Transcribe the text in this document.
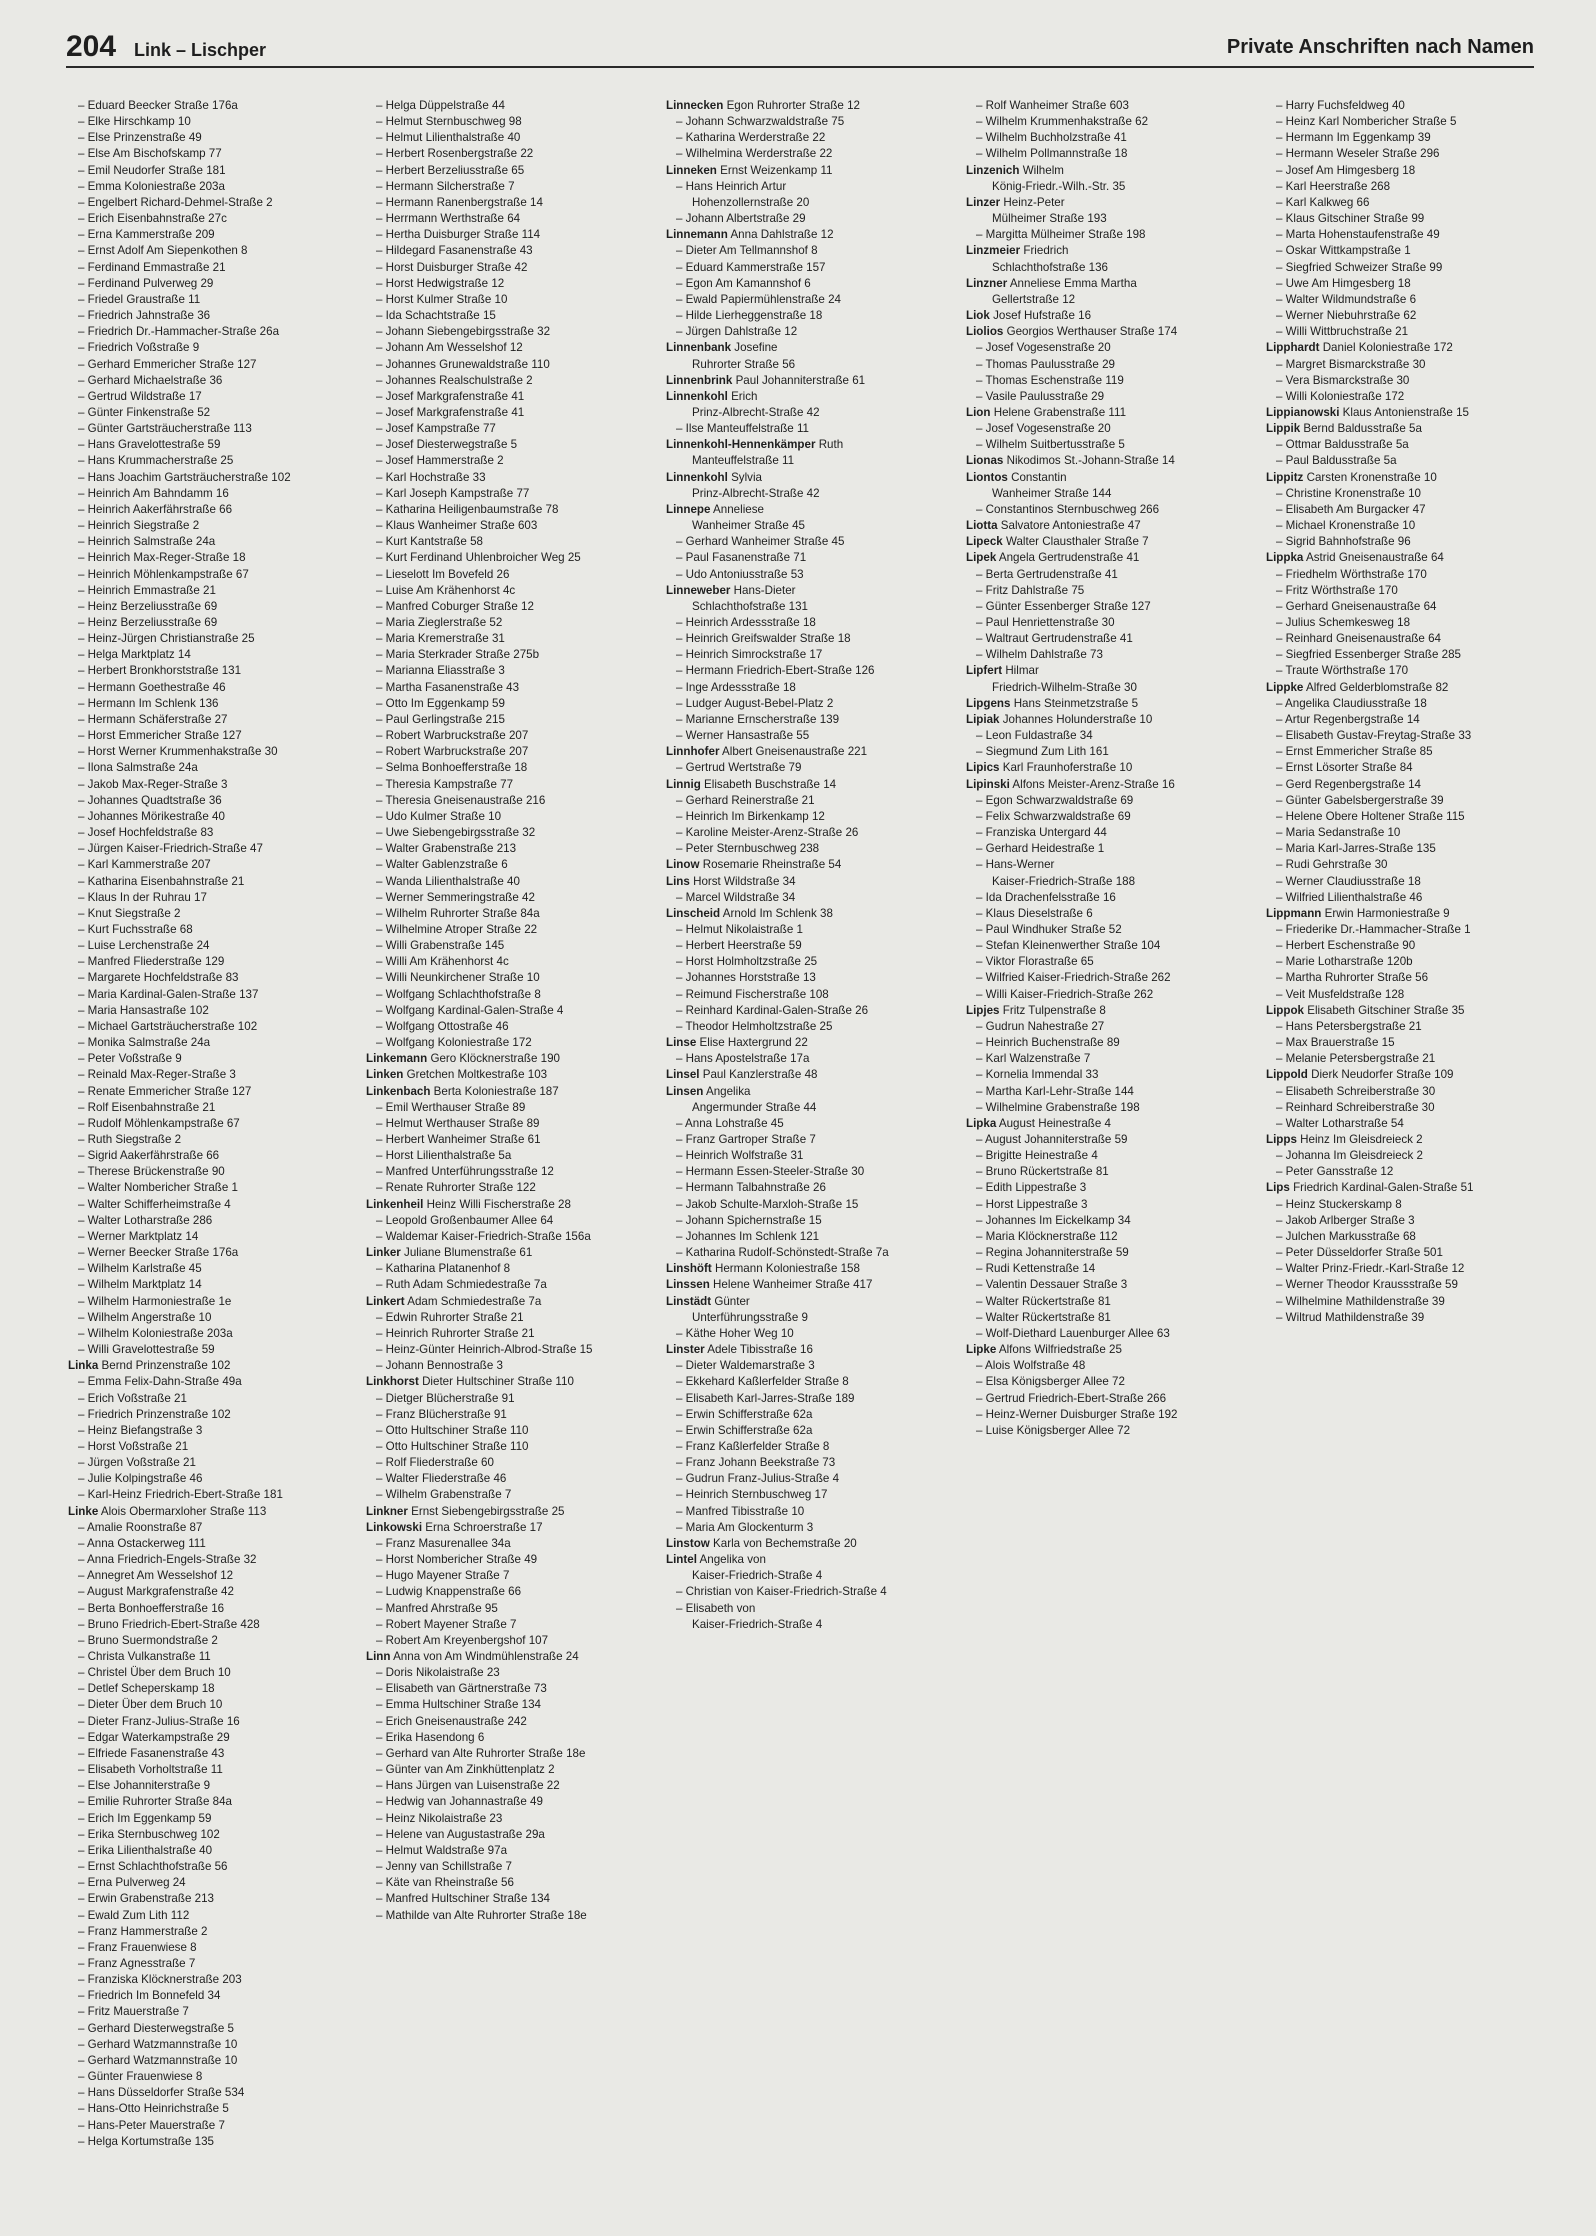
204 Link – Lischper	Private Anschriften nach Namen
– Eduard Beecker Straße 176a
– Elke Hirschkamp 10
– Else Prinzenstraße 49
– Else Am Bischofskamp 77
– Emil Neudorfer Straße 181
– Emma Koloniestraße 203a
– Engelbert Richard-Dehmel-Straße 2
– Erich Eisenbahnstraße 27c
– Erna Kammerstraße 209
– Ernst Adolf Am Siepenkothen 8
– Ferdinand Emmastraße 21
– Ferdinand Pulverweg 29
– Friedel Graustraße 11
– Friedrich Jahnstraße 36
– Friedrich Dr.-Hammacher-Straße 26a
– Friedrich Voßstraße 9
– Gerhard Emmericher Straße 127
– Gerhard Michaelstraße 36
– Gertrud Wildstraße 17
– Günter Finkenstraße 52
– Günter Gartsträucherstraße 113
– Hans Gravelottestraße 59
– Hans Krummacherstraße 25
– Hans Joachim Gartsträucherstraße 102
– Heinrich Am Bahndamm 16
– Heinrich Aakerfährstraße 66
– Heinrich Siegstraße 2
– Heinrich Salmstraße 24a
– Heinrich Max-Reger-Straße 18
– Heinrich Möhlenkampstraße 67
– Heinrich Emmastraße 21
– Heinz Berzeliusstraße 69
– Heinz Berzeliusstraße 69
– Heinz-Jürgen Christianstraße 25
– Helga Marktplatz 14
– Herbert Bronkhorststraße 131
– Hermann Goethestraße 46
– Hermann Im Schlenk 136
– Hermann Schäferstraße 27
– Horst Emmericher Straße 127
– Horst Werner Krummenhakstraße 30
– Ilona Salmstraße 24a
– Jakob Max-Reger-Straße 3
– Johannes Quadtstraße 36
– Johannes Mörikestraße 40
– Josef Hochfeldstraße 83
– Jürgen Kaiser-Friedrich-Straße 47
– Karl Kammerstraße 207
– Katharina Eisenbahnstraße 21
– Klaus In der Ruhrau 17
– Knut Siegstraße 2
– Kurt Fuchsstraße 68
– Luise Lerchenstraße 24
– Manfred Fliederstraße 129
– Margarete Hochfeldstraße 83
– Maria Kardinal-Galen-Straße 137
– Maria Hansastraße 102
– Michael Gartsträucherstraße 102
– Monika Salmstraße 24a
– Peter Voßstraße 9
– Reinald Max-Reger-Straße 3
– Renate Emmericher Straße 127
– Rolf Eisenbahnstraße 21
– Rudolf Möhlenkampstraße 67
– Ruth Siegstraße 2
– Sigrid Aakerfährstraße 66
– Therese Brückenstraße 90
– Walter Nombericher Straße 1
– Walter Schifferheimstraße 4
– Walter Lotharstraße 286
– Werner Marktplatz 14
– Werner Beecker Straße 176a
– Wilhelm Karlstraße 45
– Wilhelm Marktplatz 14
– Wilhelm Harmoniestraße 1e
– Wilhelm Angerstraße 10
– Wilhelm Koloniestraße 203a
– Willi Gravelottestraße 59
Linka Bernd Prinzenstraße 102
– Emma Felix-Dahn-Straße 49a
– Erich Voßstraße 21
– Friedrich Prinzenstraße 102
– Heinz Biefangstraße 3
– Horst Voßstraße 21
– Jürgen Voßstraße 21
– Julie Kolpingstraße 46
– Karl-Heinz Friedrich-Ebert-Straße 181
Linke Alois Obermarxloher Straße 113
– Amalie Roonstraße 87
– Anna Ostackerweg 111
– Anna Friedrich-Engels-Straße 32
– Annegret Am Wesselshof 12
– August Markgrafenstraße 42
– Berta Bonhoefferstraße 16
– Bruno Friedrich-Ebert-Straße 428
– Bruno Suermondstraße 2
– Christa Vulkanstraße 11
– Christel Über dem Bruch 10
– Detlef Scheperskamp 18
– Dieter Über dem Bruch 10
– Dieter Franz-Julius-Straße 16
– Edgar Waterkampstraße 29
– Elfriede Fasanenstraße 43
– Elisabeth Vorholtstraße 11
– Else Johanniterstraße 9
– Emilie Ruhrorter Straße 84a
– Erich Im Eggenkamp 59
– Erika Sternbuschweg 102
– Erika Lilienthalstraße 40
– Ernst Schlachthofstraße 56
– Erna Pulverweg 24
– Erwin Grabenstraße 213
– Ewald Zum Lith 112
– Franz Hammerstraße 2
– Franz Frauenwiese 8
– Franz Agnesstraße 7
– Franziska Klöcknerstraße 203
– Friedrich Im Bonnefeld 34
– Fritz Mauerstraße 7
– Gerhard Diesterwegstraße 5
– Gerhard Watzmannstraße 10
– Gerhard Watzmannstraße 10
– Günter Frauenwiese 8
– Hans Düsseldorfer Straße 534
– Hans-Otto Heinrichstraße 5
– Hans-Peter Mauerstraße 7
– Helga Kortumstraße 135
– Helga Düppelstraße 44
– Helmut Sternbuschweg 98
– Helmut Lilienthalstraße 40
– Herbert Rosenbergstraße 22
– Herbert Berzeliusstraße 65
– Hermann Silcherstraße 7
– Hermann Ranenbergstraße 14
– Herrmann Werthstraße 64
– Hertha Duisburger Straße 114
– Hildegard Fasanenstraße 43
– Horst Duisburger Straße 42
– Horst Hedwigstraße 12
– Horst Kulmer Straße 10
– Ida Schachtstraße 15
– Johann Siebengebirgsstraße 32
– Johann Am Wesselshof 12
– Johannes Grunewaldstraße 110
– Johannes Realschulstraße 2
– Josef Markgrafenstraße 41
– Josef Markgrafenstraße 41
– Josef Kampstraße 77
– Josef Diesterwegstraße 5
– Josef Hammerstraße 2
– Karl Hochstraße 33
– Karl Joseph Kampstraße 77
– Katharina Heiligenbaumstraße 78
– Klaus Wanheimer Straße 603
– Kurt Kantstraße 58
– Kurt Ferdinand Uhlenbroicher Weg 25
– Lieselott Im Bovefeld 26
– Luise Am Krähenhorst 4c
– Manfred Coburger Straße 12
– Maria Zieglerstraße 52
– Maria Kremerstraße 31
– Maria Sterkrader Straße 275b
– Marianna Eliasstraße 3
– Martha Fasanenstraße 43
– Otto Im Eggenkamp 59
– Paul Gerlingstraße 215
– Robert Warbruckstraße 207
– Robert Warbruckstraße 207
– Selma Bonhoefferstraße 18
– Theresia Kampstraße 77
– Theresia Gneisenaustraße 216
– Udo Kulmer Straße 10
– Uwe Siebengebirgsstraße 32
– Walter Grabenstraße 213
– Walter Gablenzstraße 6
– Wanda Lilienthalstraße 40
– Werner Semmeringstraße 42
– Wilhelm Ruhrorter Straße 84a
– Wilhelmine Atroper Straße 22
– Willi Grabenstraße 145
– Willi Am Krähenhorst 4c
– Willi Neunkirchener Straße 10
– Wolfgang Schlachthofstraße 8
– Wolfgang Kardinal-Galen-Straße 4
– Wolfgang Ottostraße 46
– Wolfgang Koloniestraße 172
Linkemann Gero Klöcknerstraße 190
Linken Gretchen Moltkestraße 103
Linkenbach Berta Koloniestraße 187
– Emil Werthauser Straße 89
– Helmut Werthauser Straße 89
– Herbert Wanheimer Straße 61
– Horst Lilienthalstraße 5a
– Manfred Unterführungsstraße 12
– Renate Ruhrorter Straße 122
Linkenheil Heinz Willi Fischerstraße 28
– Leopold Großenbaumer Allee 64
– Waldemar Kaiser-Friedrich-Straße 156a
Linker Juliane Blumenstraße 61
– Katharina Platanenhof 8
– Ruth Adam Schmiedestraße 7a
Linkert Adam Schmiedestraße 7a
– Edwin Ruhrorter Straße 21
– Heinrich Ruhrorter Straße 21
– Heinz-Günter Heinrich-Albrod-Straße 15
– Johann Bennostraße 3
Linkhorst Dieter Hultschiner Straße 110
– Dietger Blücherstraße 91
– Franz Blücherstraße 91
– Otto Hultschiner Straße 110
– Otto Hultschiner Straße 110
– Rolf Fliederstraße 60
– Walter Fliederstraße 46
– Wilhelm Grabenstraße 7
Linkner Ernst Siebengebirgsstraße 25
Linkowski Erna Schroerstraße 17
– Franz Masurenallee 34a
– Horst Nombericher Straße 49
– Hugo Mayener Straße 7
– Ludwig Knappenstraße 66
– Manfred Ahrstraße 95
– Robert Mayener Straße 7
– Robert Am Kreyenbergshof 107
Linn Anna von Am Windmühlenstraße 24
– Doris Nikolaistraße 23
– Elisabeth van Gärtnerstraße 73
– Emma Hultschiner Straße 134
– Erich Gneisenaustraße 242
– Erika Hasendong 6
– Gerhard van Alte Ruhrorter Straße 18e
– Günter van Am Zinkhüttenplatz 2
– Hans Jürgen van Luisenstraße 22
– Hedwig van Johannastraße 49
– Heinz Nikolaistraße 23
– Helene van Augustastraße 29a
– Helmut Waldstraße 97a
– Jenny van Schillstraße 7
– Käte van Rheinstraße 56
– Manfred Hultschiner Straße 134
– Mathilde van Alte Ruhrorter Straße 18e
Linnecken Egon Ruhrorter Straße 12
– Johann Schwarzwaldstraße 75
– Katharina Werderstraße 22
– Wilhelmina Werderstraße 22
Linneken Ernst Weizenkamp 11
– Hans Heinrich Artur
Hohenzollernstraße 20
– Johann Albertstraße 29
Linnemann Anna Dahlstraße 12
– Dieter Am Tellmannshof 8
– Eduard Kammerstraße 157
– Egon Am Kamannshof 6
– Ewald Papiermühlenstraße 24
– Hilde Lierheggenstraße 18
– Jürgen Dahlstraße 12
Linnenbank Josefine
Ruhrorter Straße 56
Linnenbrink Paul Johanniterstraße 61
Linnenkohl Erich
Prinz-Albrecht-Straße 42
– Ilse Manteuffelstraße 11
Linnenkohl-Hennenkämper Ruth
Manteuffelstraße 11
Linnenkohl Sylvia
Prinz-Albrecht-Straße 42
Linnepe Anneliese
Wanheimer Straße 45
– Gerhard Wanheimer Straße 45
– Paul Fasanenstraße 71
– Udo Antoniusstraße 53
Linneweber Hans-Dieter
Schlachthofstraße 131
– Heinrich Ardessstraße 18
– Heinrich Greifswalder Straße 18
– Heinrich Simrockstraße 17
– Hermann Friedrich-Ebert-Straße 126
– Inge Ardessstraße 18
– Ludger August-Bebel-Platz 2
– Marianne Ernscherstraße 139
– Werner Hansastraße 55
Linnhofer Albert Gneisenaustraße 221
– Gertrud Wertstraße 79
Linnig Elisabeth Buschstraße 14
– Gerhard Reinerstraße 21
– Heinrich Im Birkenkamp 12
– Karoline Meister-Arenz-Straße 26
– Peter Sternbuschweg 238
Linow Rosemarie Rheinstraße 54
Lins Horst Wildstraße 34
– Marcel Wildstraße 34
Linscheid Arnold Im Schlenk 38
– Helmut Nikolaistraße 1
– Herbert Heerstraße 59
– Horst Holmholtzstraße 25
– Johannes Horststraße 13
– Reimund Fischerstraße 108
– Reinhard Kardinal-Galen-Straße 26
– Theodor Helmholtzstraße 25
Linse Elise Haxtergrund 22
– Hans Apostelstraße 17a
Linsel Paul Kanzlerstraße 48
Linsen Angelika
Angermunder Straße 44
– Anna Lohstraße 45
– Franz Gartroper Straße 7
– Heinrich Wolfstraße 31
– Hermann Essen-Steeler-Straße 30
– Hermann Talbahnstraße 26
– Jakob Schulte-Marxloh-Straße 15
– Johann Spichernstraße 15
– Johannes Im Schlenk 121
– Katharina Rudolf-Schönstedt-Straße 7a
Linshöft Hermann Koloniestraße 158
Linssen Helene Wanheimer Straße 417
Linstädt Günter
Unterführungsstraße 9
– Käthe Hoher Weg 10
Linster Adele Tibisstraße 16
– Dieter Waldemarstraße 3
– Ekkehard Kaßlerfelder Straße 8
– Elisabeth Karl-Jarres-Straße 189
– Erwin Schifferstraße 62a
– Erwin Schifferstraße 62a
– Franz Kaßlerfelder Straße 8
– Franz Johann Beekstraße 73
– Gudrun Franz-Julius-Straße 4
– Heinrich Sternbuschweg 17
– Manfred Tibisstraße 10
– Maria Am Glockenturm 3
Linstow Karla von Bechemstraße 20
Lintel Angelika von
Kaiser-Friedrich-Straße 4
– Christian von Kaiser-Friedrich-Straße 4
– Elisabeth von
Kaiser-Friedrich-Straße 4
– Rolf Wanheimer Straße 603
– Wilhelm Krummenhakstraße 62
– Wilhelm Buchholzstraße 41
– Wilhelm Pollmannstraße 18
Linzenich Wilhelm
König-Friedr.-Wilh.-Str. 35
Linzer Heinz-Peter
Mülheimer Straße 193
– Margitta Mülheimer Straße 198
Linzmeier Friedrich
Schlachthofstraße 136
Linzner Anneliese Emma Martha
Gellertstraße 12
Liok Josef Hufstraße 16
Liolios Georgios Werthauser Straße 174
– Josef Vogesenstraße 20
– Thomas Paulusstraße 29
– Thomas Eschenstraße 119
– Vasile Paulusstraße 29
Lion Helene Grabenstraße 111
– Josef Vogesenstraße 20
– Wilhelm Suitbertusstraße 5
Lionas Nikodimos St.-Johann-Straße 14
Liontos Constantin
Wanheimer Straße 144
– Constantinos Sternbuschweg 266
Liotta Salvatore Antoniestraße 47
Lipeck Walter Clausthaler Straße 7
Lipek Angela Gertrudenstraße 41
– Berta Gertrudenstraße 41
– Fritz Dahlstraße 75
– Günter Essenberger Straße 127
– Paul Henriettenstraße 30
– Waltraut Gertrudenstraße 41
– Wilhelm Dahlstraße 73
Lipfert Hilmar
Friedrich-Wilhelm-Straße 30
Lipgens Hans Steinmetzstraße 5
Lipiak Johannes Holunderstraße 10
– Leon Fuldastraße 34
– Siegmund Zum Lith 161
Lipics Karl Fraunhoferstraße 10
Lipinski Alfons Meister-Arenz-Straße 16
– Egon Schwarzwaldstraße 69
– Felix Schwarzwaldstraße 69
– Franziska Untergard 44
– Gerhard Heidestraße 1
– Hans-Werner
Kaiser-Friedrich-Straße 188
– Ida Drachenfelsstraße 16
– Klaus Dieselstraße 6
– Paul Windhuker Straße 52
– Stefan Kleinenwerther Straße 104
– Viktor Florastraße 65
– Wilfried Kaiser-Friedrich-Straße 262
– Willi Kaiser-Friedrich-Straße 262
Lipjes Fritz Tulpenstraße 8
– Gudrun Nahestraße 27
– Heinrich Buchenstraße 89
– Karl Walzenstraße 7
– Kornelia Immendal 33
– Martha Karl-Lehr-Straße 144
– Wilhelmine Grabenstraße 198
Lipka August Heinestraße 4
– August Johanniterstraße 59
– Brigitte Heinestraße 4
– Bruno Rückertstraße 81
– Edith Lippestraße 3
– Horst Lippestraße 3
– Johannes Im Eickelkamp 34
– Maria Klöcknerstraße 112
– Regina Johanniterstraße 59
– Rudi Kettenstraße 14
– Valentin Dessauer Straße 3
– Walter Rückertstraße 81
– Walter Rückertstraße 81
– Wolf-Diethard Lauenburger Allee 63
Lipke Alfons Wilfriedstraße 25
– Alois Wolfstraße 48
– Elsa Königsberger Allee 72
– Gertrud Friedrich-Ebert-Straße 266
– Heinz-Werner Duisburger Straße 192
– Luise Königsberger Allee 72
– Harry Fuchsfeldweg 40
– Heinz Karl Nombericher Straße 5
– Hermann Im Eggenkamp 39
– Hermann Weseler Straße 296
– Josef Am Himgesberg 18
– Karl Heerstraße 268
– Karl Kalkweg 66
– Klaus Gitschiner Straße 99
– Marta Hohenstaufenstraße 49
– Oskar Wittkampstraße 1
– Siegfried Schweizer Straße 99
– Uwe Am Himgesberg 18
– Walter Wildmundstraße 6
– Werner Niebuhrstraße 62
– Willi Wittbruchstraße 21
Lipphardt Daniel Koloniestraße 172
– Margret Bismarckstraße 30
– Vera Bismarckstraße 30
– Willi Koloniestraße 172
Lippianowski Klaus Antonienstraße 15
Lippik Bernd Baldusstraße 5a
– Ottmar Baldusstraße 5a
– Paul Baldusstraße 5a
Lippitz Carsten Kronenstraße 10
– Christine Kronenstraße 10
– Elisabeth Am Burgacker 47
– Michael Kronenstraße 10
– Sigrid Bahnhofstraße 96
Lippka Astrid Gneisenaustraße 64
– Friedhelm Wörthstraße 170
– Fritz Wörthstraße 170
– Gerhard Gneisenaustraße 64
– Julius Schemkesweg 18
– Reinhard Gneisenaustraße 64
– Siegfried Essenberger Straße 285
– Traute Wörthstraße 170
Lippke Alfred Gelderblomstraße 82
– Angelika Claudiusstraße 18
– Artur Regenbergstraße 14
– Elisabeth Gustav-Freytag-Straße 33
– Ernst Emmericher Straße 85
– Ernst Lösorter Straße 84
– Gerd Regenbergstraße 14
– Günter Gabelsbergerstraße 39
– Helene Obere Holtener Straße 115
– Maria Sedanstraße 10
– Maria Karl-Jarres-Straße 135
– Rudi Gehrstraße 30
– Werner Claudiusstraße 18
– Wilfried Lilienthalstraße 46
Lippmann Erwin Harmoniestraße 9
– Friederike Dr.-Hammacher-Straße 1
– Herbert Eschenstraße 90
– Marie Lotharstraße 120b
– Martha Ruhrorter Straße 56
– Veit Musfeldstraße 128
Lippok Elisabeth Gitschiner Straße 35
– Hans Petersbergstraße 21
– Max Brauerstraße 15
– Melanie Petersbergstraße 21
Lippold Dierk Neudorfer Straße 109
– Elisabeth Schreiberstraße 30
– Reinhard Schreiberstraße 30
– Walter Lotharstraße 54
Lipps Heinz Im Gleisdreieck 2
– Johanna Im Gleisdreieck 2
– Peter Gansstraße 12
Lips Friedrich Kardinal-Galen-Straße 51
– Heinz Stuckerskamp 8
– Jakob Arlberger Straße 3
– Julchen Markusstraße 68
– Peter Düsseldorfer Straße 501
– Walter Prinz-Friedr.-Karl-Straße 12
– Werner Theodor Kraussstraße 59
– Wilhelmine Mathildenstraße 39
– Wiltrud Mathildenstraße 39
